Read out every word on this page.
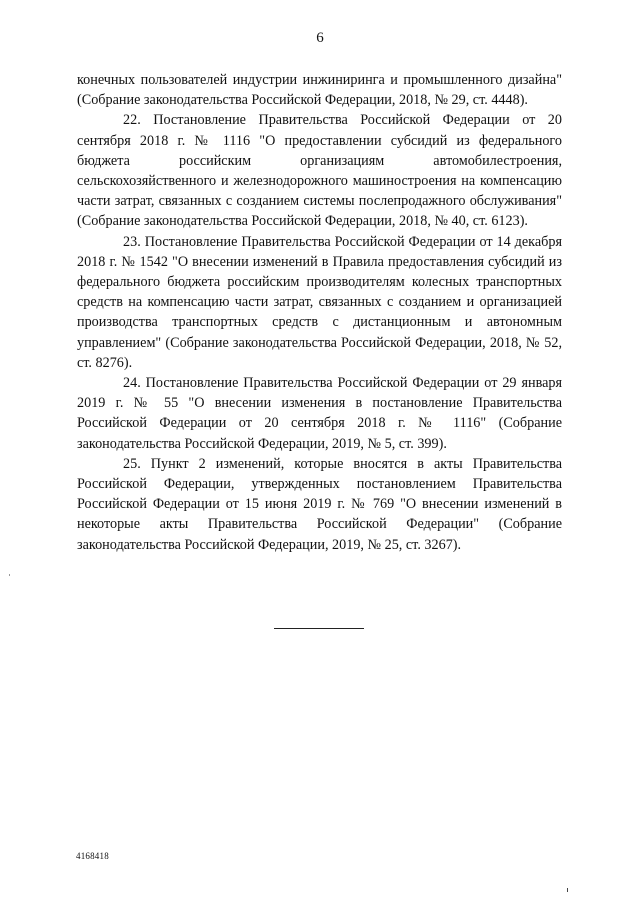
6

конечных пользователей индустрии инжиниринга и промышленного дизайна" (Собрание законодательства Российской Федерации, 2018, № 29, ст. 4448).

22. Постановление Правительства Российской Федерации от 20 сентября 2018 г. № 1116 "О предоставлении субсидий из федерального бюджета российским организациям автомобилестроения, сельскохозяйственного и железнодорожного машиностроения на компенсацию части затрат, связанных с созданием системы послепродажного обслуживания" (Собрание законодательства Российской Федерации, 2018, № 40, ст. 6123).

23. Постановление Правительства Российской Федерации от 14 декабря 2018 г. № 1542 "О внесении изменений в Правила предоставления субсидий из федерального бюджета российским производителям колесных транспортных средств на компенсацию части затрат, связанных с созданием и организацией производства транспортных средств с дистанционным и автономным управлением" (Собрание законодательства Российской Федерации, 2018, № 52, ст. 8276).

24. Постановление Правительства Российской Федерации от 29 января 2019 г. № 55 "О внесении изменения в постановление Правительства Российской Федерации от 20 сентября 2018 г. № 1116" (Собрание законодательства Российской Федерации, 2019, № 5, ст. 399).

25. Пункт 2 изменений, которые вносятся в акты Правительства Российской Федерации, утвержденных постановлением Правительства Российской Федерации от 15 июня 2019 г. № 769 "О внесении изменений в некоторые акты Правительства Российской Федерации" (Собрание законодательства Российской Федерации, 2019, № 25, ст. 3267).

4168418
